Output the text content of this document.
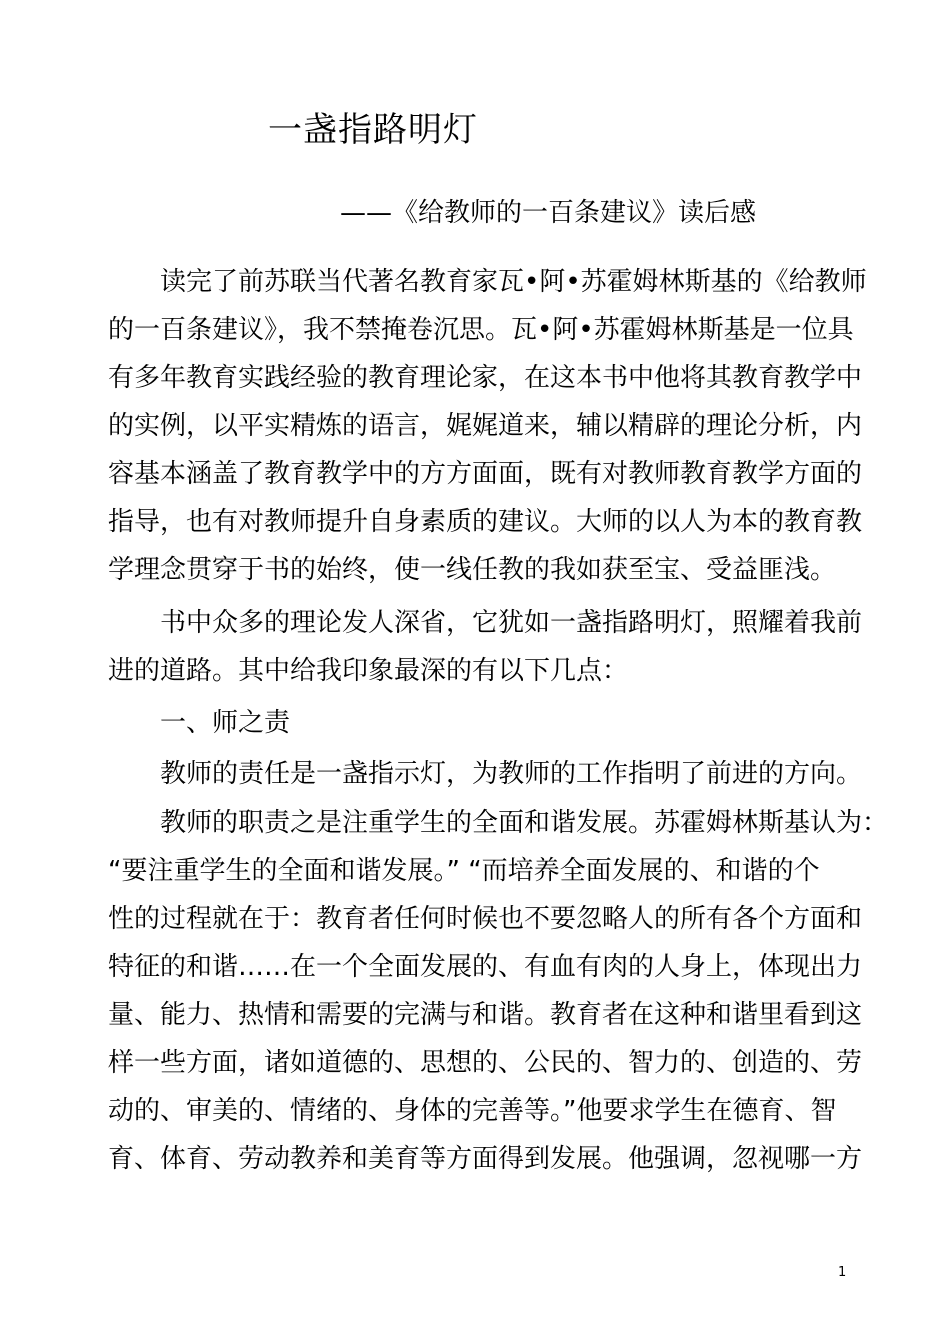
一盏指路明灯
——《给教师的一百条建议》读后感
　　读完了前苏联当代著名教育家瓦•阿•苏霍姆林斯基的《给教师
的一百条建议》，我不禁掩卷沉思。瓦•阿•苏霍姆林斯基是一位具
有多年教育实践经验的教育理论家，在这本书中他将其教育教学中
的实例，以平实精炼的语言，娓娓道来，辅以精辟的理论分析，内
容基本涵盖了教育教学中的方方面面，既有对教师教育教学方面的
指导，也有对教师提升自身素质的建议。大师的以人为本的教育教
学理念贯穿于书的始终，使一线任教的我如获至宝、受益匪浅。
　　书中众多的理论发人深省，它犹如一盏指路明灯，照耀着我前
进的道路。其中给我印象最深的有以下几点：
　　一、师之责
　　教师的责任是一盏指示灯，为教师的工作指明了前进的方向。
　　教师的职责之是注重学生的全面和谐发展。苏霍姆林斯基认为：
“要注重学生的全面和谐发展。” “而培养全面发展的、和谐的个
性的过程就在于：教育者任何时候也不要忽略人的所有各个方面和
特征的和谐……在一个全面发展的、有血有肉的人身上，体现出力
量、能力、热情和需要的完满与和谐。教育者在这种和谐里看到这
样一些方面，诸如道德的、思想的、公民的、智力的、创造的、劳
动的、审美的、情绪的、身体的完善等。”他要求学生在德育、智
育、体育、劳动教养和美育等方面得到发展。他强调，忽视哪一方
1
